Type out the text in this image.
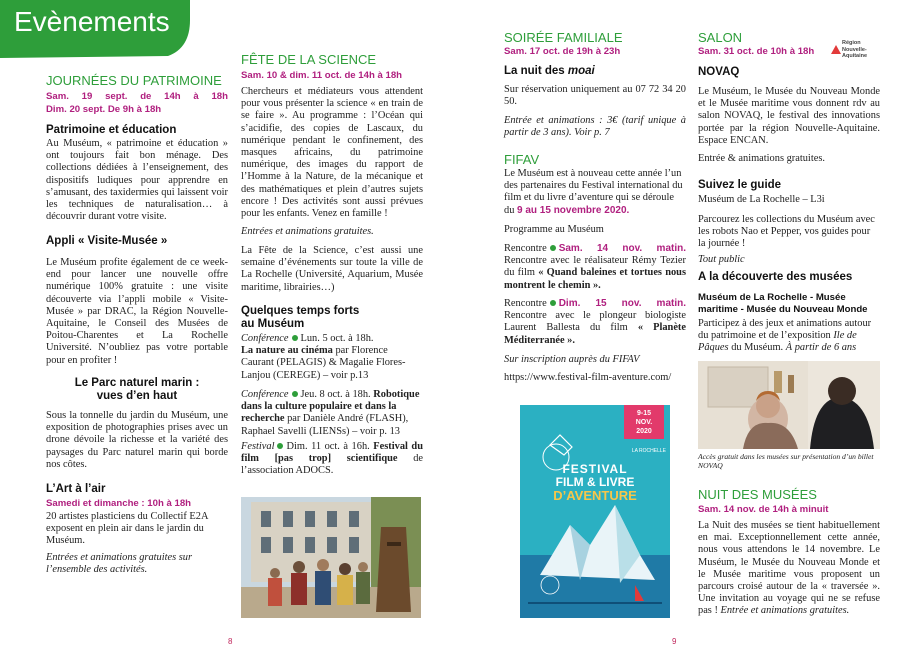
Evènements
JOURNÉES DU PATRIMOINE
Sam. 19 sept. de 14h à 18h
Dim. 20 sept. De 9h à 18h
Patrimoine et éducation

Au Muséum, « patrimoine et éducation » ont toujours fait bon ménage. Des collections dédiées à l’enseignement, des dispositifs ludiques pour apprendre en s’amusant, des taxidermies qui laissent voir les techniques de naturalisation… à découvrir durant votre visite.

Appli « Visite-Musée »

Le Muséum profite également de ce week-end pour lancer une nouvelle offre numérique 100% gratuite : une visite découverte via l’appli mobile « Visite-Musée » par DRAC, la Région Nouvelle-Aquitaine, le Conseil des Musées de Poitou-Charentes et La Rochelle Université. N’oubliez pas votre portable pour en profiter !

Le Parc naturel marin :
vues d’en haut

Sous la tonnelle du jardin du Muséum, une exposition de photographies prises avec un drone dévoile la richesse et la variété des paysages du Parc naturel marin qui borde nos côtes.

L’Art à l’air
Samedi et dimanche : 10h à 18h

20 artistes plasticiens du Collectif E2A exposent en plein air dans le jardin du Muséum.

Entrées et animations gratuites sur l’ensemble des activités.

FÊTE DE LA SCIENCE
Sam. 10 & dim. 11 oct. de 14h à 18h

Chercheurs et médiateurs vous attendent pour vous présenter la science « en train de se faire ». Au programme : l’Océan qui s’acidifie, des copies de Lascaux, du numérique pendant le confinement, des masques africains, du patrimoine numérique, des images du rapport de l’Homme à la Nature, de la mécanique et des mathématiques et plein d’autres sujets encore ! Des activités sont aussi prévues pour les enfants. Venez en famille !

Entrées et animations gratuites.

La Fête de la Science, c’est aussi une semaine d’événements sur toute la ville de La Rochelle (Université, Aquarium, Musée maritime, librairies…)

Quelques temps forts
au Muséum

Conférence Lun. 5 oct. à 18h.
La nature au cinéma par Florence Caurant (PELAGIS) & Magalie Flores-Lanjou (CEREGE) – voir p.13

Conférence Jeu. 8 oct. à 18h. Robotique dans la culture populaire et dans la recherche par Danièle André (FLASH), Raphael Savelli (LIENSs) – voir p. 13

Festival Dim. 11 oct. à 16h. Festival du film [pas trop] scientifique de l’association ADOCS.

8	9
SOIRÉE FAMILIALE
Sam. 17 oct. de 19h à 23h
La nuit des moai

Sur réservation uniquement au 07 72 34 20 50.

Entrée et animations : 3€ (tarif unique à partir de 3 ans). Voir p. 7

FIFAV

Le Muséum est à nouveau cette année l’un des partenaires du Festival international du film et du livre d’aventure qui se déroule du 9 au 15 novembre 2020.

Programme au Muséum

Rencontre Sam. 14 nov. matin. Rencontre avec le réalisateur Rémy Tezier du film « Quand baleines et tortues nous montrent le chemin ».

Rencontre Dim. 15 nov. matin. Rencontre avec le plongeur biologiste Laurent Ballesta du film « Planète Méditerranée ».

Sur inscription auprès du FIFAV

https://www.festival-film-aventure.com/
9-15
NOV.
2020
LA ROCHELLE
FESTIVAL
FILM & LIVRE
D’AVENTURE
SALON
Sam. 31 oct. de 10h à 18h
Région
Nouvelle-
Aquitaine
NOVAQ

Le Muséum, le Musée du Nouveau Monde et le Musée maritime vous donnent rdv au salon NOVAQ, le festival des innovations portée par la région Nouvelle-Aquitaine. Espace ENCAN.

Entrée & animations gratuites.

Suivez le guide

Muséum de La Rochelle – L3i

Parcourez les collections du Muséum avec les robots Nao et Pepper, vos guides pour la journée !

Tout public

A la découverte des musées
Muséum de La Rochelle - Musée
maritime - Musée du Nouveau Monde

Participez à des jeux et animations autour du patrimoine et de l’exposition Ile de Pâques du Muséum. À partir de 6 ans

Accès gratuit dans les musées sur présentation d’un billet NOVAQ

NUIT DES MUSÉES
Sam. 14 nov. de 14h à minuit

La Nuit des musées se tient habituellement en mai. Exceptionnellement cette année, nous vous attendons le 14 novembre. Le Muséum, le Musée du Nouveau Monde et le Musée maritime vous proposent un parcours croisé autour de la « traversée ». Une invitation au voyage qui ne se refuse pas ! Entrée et animations gratuites.
